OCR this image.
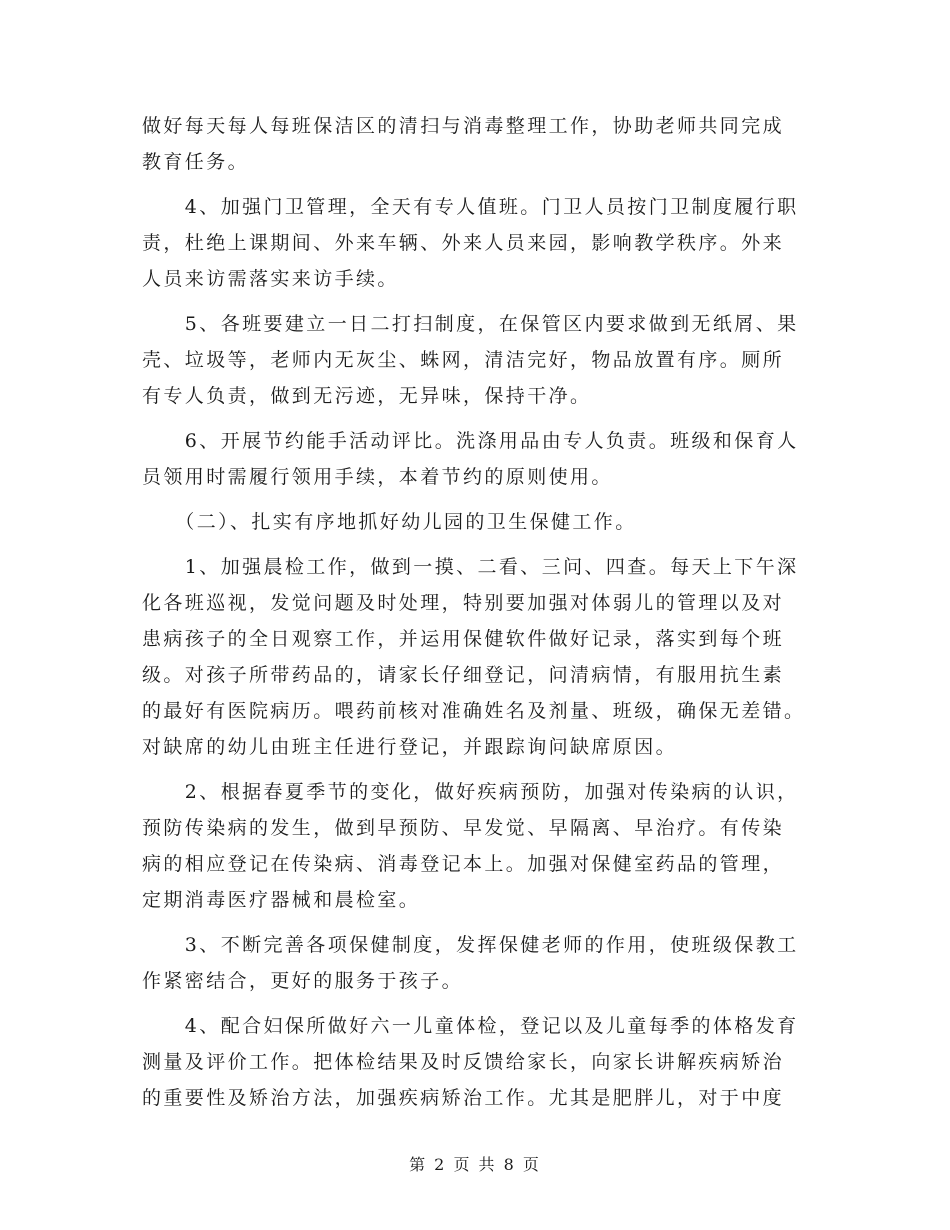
做好每天每人每班保洁区的清扫与消毒整理工作，协助老师共同完成
教育任务。
　　4、加强门卫管理，全天有专人值班。门卫人员按门卫制度履行职
责，杜绝上课期间、外来车辆、外来人员来园，影响教学秩序。外来
人员来访需落实来访手续。
　　5、各班要建立一日二打扫制度，在保管区内要求做到无纸屑、果
壳、垃圾等，老师内无灰尘、蛛网，清洁完好，物品放置有序。厕所
有专人负责，做到无污迹，无异味，保持干净。
　　6、开展节约能手活动评比。洗涤用品由专人负责。班级和保育人
员领用时需履行领用手续，本着节约的原则使用。
　　（二）、扎实有序地抓好幼儿园的卫生保健工作。
　　1、加强晨检工作，做到一摸、二看、三问、四查。每天上下午深
化各班巡视，发觉问题及时处理，特别要加强对体弱儿的管理以及对
患病孩子的全日观察工作，并运用保健软件做好记录，落实到每个班
级。对孩子所带药品的，请家长仔细登记，问清病情，有服用抗生素
的最好有医院病历。喂药前核对准确姓名及剂量、班级，确保无差错。
对缺席的幼儿由班主任进行登记，并跟踪询问缺席原因。
　　2、根据春夏季节的变化，做好疾病预防，加强对传染病的认识，
预防传染病的发生，做到早预防、早发觉、早隔离、早治疗。有传染
病的相应登记在传染病、消毒登记本上。加强对保健室药品的管理，
定期消毒医疗器械和晨检室。
　　3、不断完善各项保健制度，发挥保健老师的作用，使班级保教工
作紧密结合，更好的服务于孩子。
　　4、配合妇保所做好六一儿童体检，登记以及儿童每季的体格发育
测量及评价工作。把体检结果及时反馈给家长，向家长讲解疾病矫治
的重要性及矫治方法，加强疾病矫治工作。尤其是肥胖儿，对于中度
第 2 页 共 8 页
